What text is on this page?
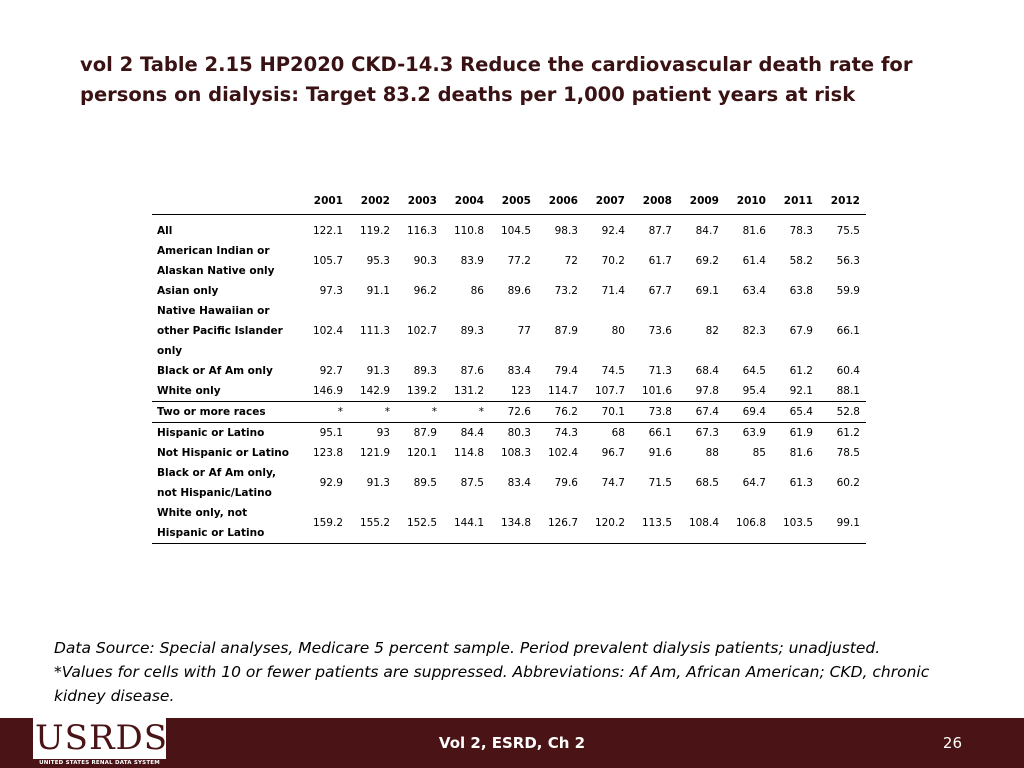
vol 2 Table 2.15 HP2020 CKD-14.3 Reduce the cardiovascular death rate for
persons on dialysis: Target 83.2 deaths per 1,000 patient years at risk
	2001	2002	2003	2004	2005	2006	2007	2008	2009	2010	2011	2012
All	122.1	119.2	116.3	110.8	104.5	98.3	92.4	87.7	84.7	81.6	78.3	75.5
American Indian or
Alaskan Native only	105.7	95.3	90.3	83.9	77.2	72	70.2	61.7	69.2	61.4	58.2	56.3
Asian only	97.3	91.1	96.2	86	89.6	73.2	71.4	67.7	69.1	63.4	63.8	59.9
Native Hawaiian or
other Pacific Islander
only	102.4	111.3	102.7	89.3	77	87.9	80	73.6	82	82.3	67.9	66.1
Black or Af Am only	92.7	91.3	89.3	87.6	83.4	79.4	74.5	71.3	68.4	64.5	61.2	60.4
White only	146.9	142.9	139.2	131.2	123	114.7	107.7	101.6	97.8	95.4	92.1	88.1
Two or more races	*	*	*	*	72.6	76.2	70.1	73.8	67.4	69.4	65.4	52.8
Hispanic or Latino	95.1	93	87.9	84.4	80.3	74.3	68	66.1	67.3	63.9	61.9	61.2
Not Hispanic or Latino	123.8	121.9	120.1	114.8	108.3	102.4	96.7	91.6	88	85	81.6	78.5
Black or Af Am only,
not Hispanic/Latino	92.9	91.3	89.5	87.5	83.4	79.6	74.7	71.5	68.5	64.7	61.3	60.2
White only, not
Hispanic or Latino	159.2	155.2	152.5	144.1	134.8	126.7	120.2	113.5	108.4	106.8	103.5	99.1

Data Source: Special analyses, Medicare 5 percent sample. Period prevalent dialysis patients; unadjusted.

*Values for cells with 10 or fewer patients are suppressed. Abbreviations: Af Am, African American; CKD, chronic kidney disease.

USRDS
UNITED STATES RENAL DATA SYSTEM
Vol 2, ESRD, Ch 2	26
